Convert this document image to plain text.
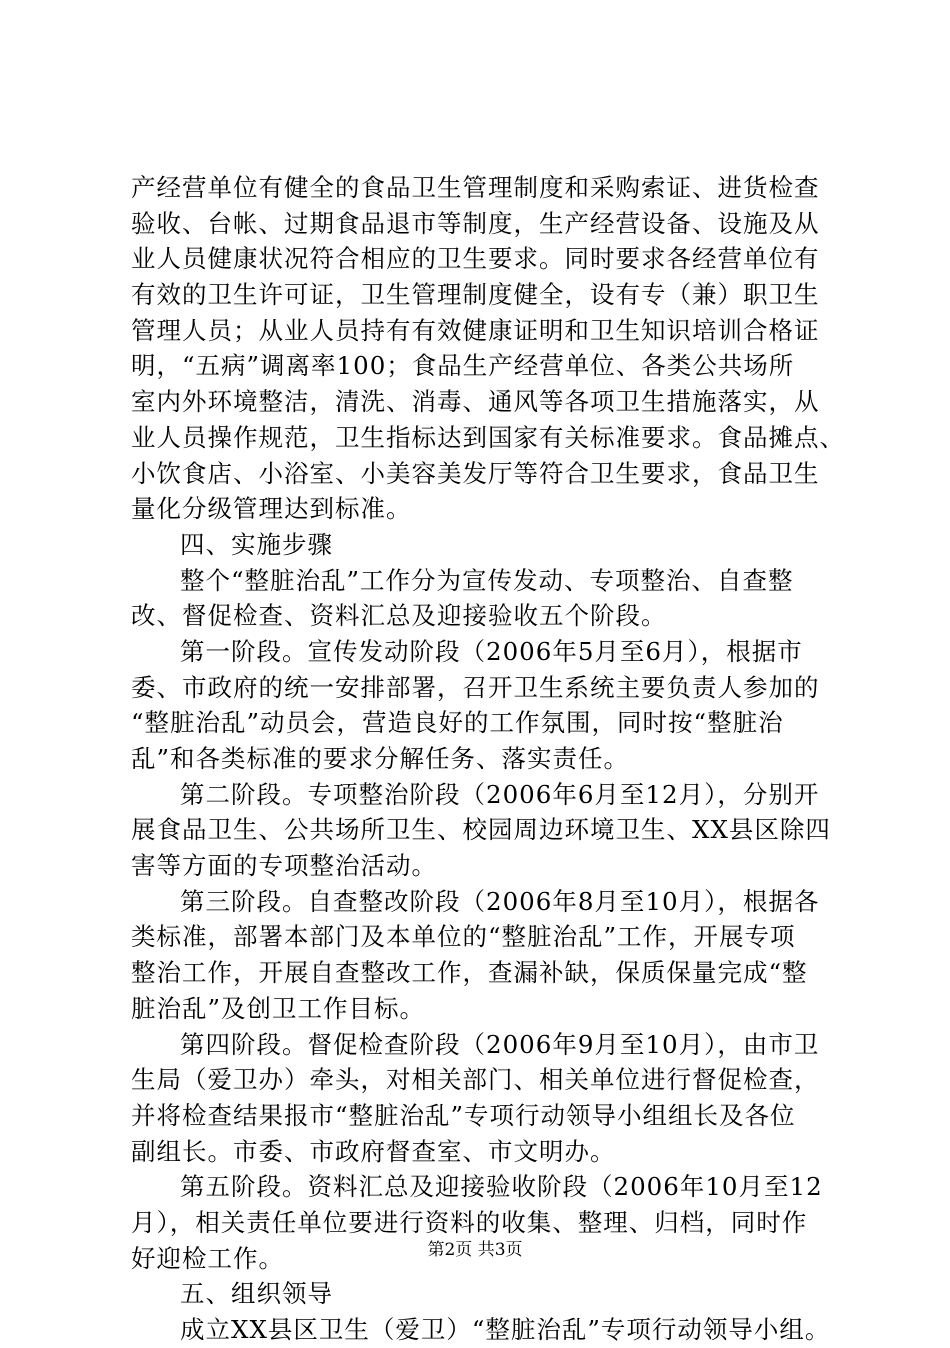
产经营单位有健全的食品卫生管理制度和采购索证、进货检查
验收、台帐、过期食品退市等制度，生产经营设备、设施及从
业人员健康状况符合相应的卫生要求。同时要求各经营单位有
有效的卫生许可证，卫生管理制度健全，设有专（兼）职卫生
管理人员；从业人员持有有效健康证明和卫生知识培训合格证
明，“五病”调离率100；食品生产经营单位、各类公共场所
室内外环境整洁，清洗、消毒、通风等各项卫生措施落实，从
业人员操作规范，卫生指标达到国家有关标准要求。食品摊点、
小饮食店、小浴室、小美容美发厅等符合卫生要求，食品卫生
量化分级管理达到标准。
四、实施步骤
整个“整脏治乱”工作分为宣传发动、专项整治、自查整
改、督促检查、资料汇总及迎接验收五个阶段。
第一阶段。宣传发动阶段（2006年5月至6月），根据市
委、市政府的统一安排部署，召开卫生系统主要负责人参加的
“整脏治乱”动员会，营造良好的工作氛围，同时按“整脏治
乱”和各类标准的要求分解任务、落实责任。
第二阶段。专项整治阶段（2006年6月至12月），分别开
展食品卫生、公共场所卫生、校园周边环境卫生、XX县区除四
害等方面的专项整治活动。
第三阶段。自查整改阶段（2006年8月至10月），根据各
类标准，部署本部门及本单位的“整脏治乱”工作，开展专项
整治工作，开展自查整改工作，查漏补缺，保质保量完成“整
脏治乱”及创卫工作目标。
第四阶段。督促检查阶段（2006年9月至10月），由市卫
生局（爱卫办）牵头，对相关部门、相关单位进行督促检查，
并将检查结果报市“整脏治乱”专项行动领导小组组长及各位
副组长。市委、市政府督查室、市文明办。
第五阶段。资料汇总及迎接验收阶段（2006年10月至12
月），相关责任单位要进行资料的收集、整理、归档，同时作
好迎检工作。
五、组织领导
成立XX县区卫生（爱卫）“整脏治乱”专项行动领导小组。
第2页 共3页
